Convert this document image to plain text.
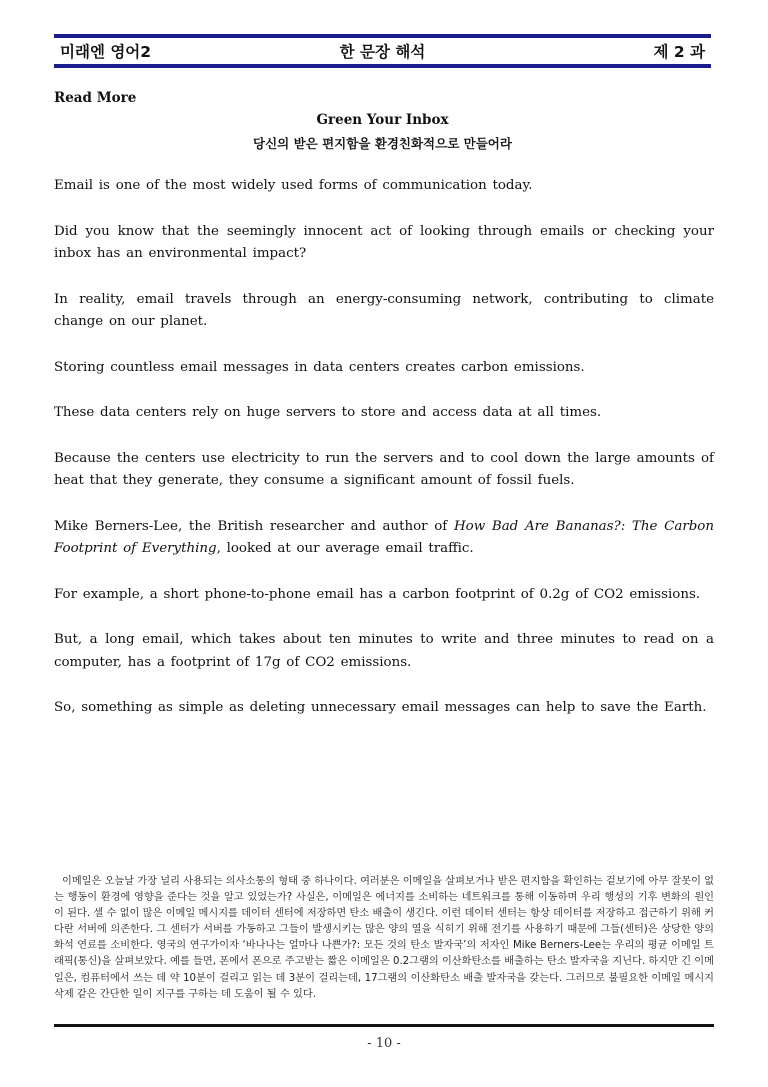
미래엔 영어2	한 문장 해석	제 2 과
Read More
Green Your Inbox
당신의 받은 편지함을 환경친화적으로 만들어라

Email is one of the most widely used forms of communication today.

Did you know that the seemingly innocent act of looking through emails or checking your inbox has an environmental impact?

In reality, email travels through an energy-consuming network, contributing to climate change on our planet.

Storing countless email messages in data centers creates carbon emissions.

These data centers rely on huge servers to store and access data at all times.

Because the centers use electricity to run the servers and to cool down the large amounts of heat that they generate, they consume a significant amount of fossil fuels.

Mike Berners-Lee, the British researcher and author of How Bad Are Bananas?: The Carbon Footprint of Everything, looked at our average email traffic.

For example, a short phone-to-phone email has a carbon footprint of 0.2g of CO2 emissions.

But, a long email, which takes about ten minutes to write and three minutes to read on a computer, has a footprint of 17g of CO2 emissions.

So, something as simple as deleting unnecessary email messages can help to save the Earth.

이메일은 오늘날 가장 널리 사용되는 의사소통의 형태 중 하나이다. 여러분은 이메일을 살펴보거나 받은 편지함을 확인하는 겉보기에 아무 잘못이 없는 행동이 환경에 영향을 준다는 것을 알고 있었는가? 사실은, 이메일은 에너지를 소비하는 네트워크를 통해 이동하며 우리 행성의 기후 변화의 원인이 된다. 셀 수 없이 많은 이메일 메시지를 데이터 센터에 저장하면 탄소 배출이 생긴다. 이런 데이터 센터는 항상 데이터를 저장하고 접근하기 위해 커다란 서버에 의존한다. 그 센터가 서버를 가동하고 그들이 발생시키는 많은 양의 열을 식히기 위해 전기를 사용하기 때문에 그들(센터)은 상당한 양의 화석 연료를 소비한다. 영국의 연구가이자 ‘바나나는 얼마나 나쁜가?: 모든 것의 탄소 발자국’의 저자인 Mike Berners-Lee는 우리의 평균 이메일 트래픽(통신)을 살펴보았다. 예를 들면, 폰에서 폰으로 주고받는 짧은 이메일은 0.2그램의 이산화탄소를 배출하는 탄소 발자국을 지닌다. 하지만 긴 이메일은, 컴퓨터에서 쓰는 데 약 10분이 걸리고 읽는 데 3분이 걸리는데, 17그램의 이산화탄소 배출 발자국을 갖는다. 그러므로 불필요한 이메일 메시지 삭제 같은 간단한 일이 지구를 구하는 데 도움이 될 수 있다.

- 10 -
